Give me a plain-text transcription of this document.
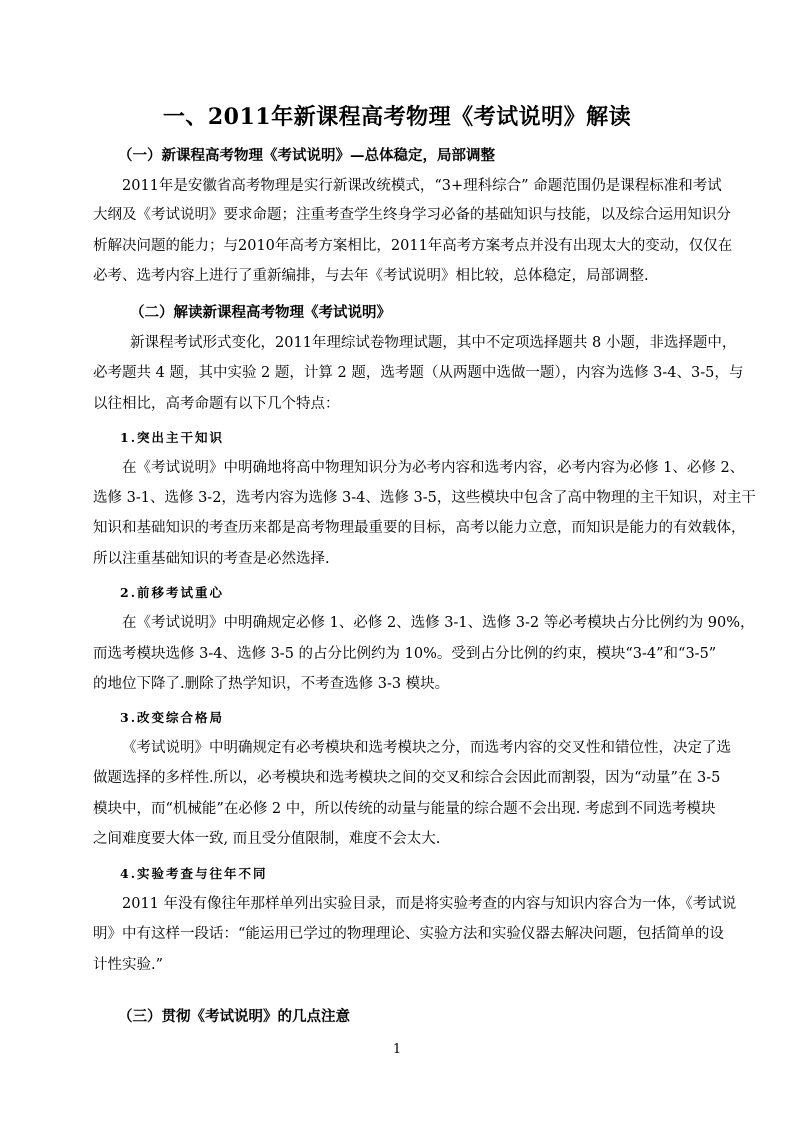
一、2011年新课程高考物理《考试说明》解读
（一）新课程高考物理《考试说明》—总体稳定，局部调整
2011年是安徽省高考物理是实行新课改统模式，“3+理科综合” 命题范围仍是课程标准和考试
大纲及《考试说明》要求命题；注重考查学生终身学习必备的基础知识与技能，以及综合运用知识分
析解决问题的能力；与2010年高考方案相比，2011年高考方案考点并没有出现太大的变动，仅仅在
必考、选考内容上进行了重新编排，与去年《考试说明》相比较，总体稳定，局部调整.
（二）解读新课程高考物理《考试说明》
新课程考试形式变化，2011年理综试卷物理试题，其中不定项选择题共 8 小题，非选择题中，
必考题共 4 题，其中实验 2 题，计算 2 题，选考题（从两题中选做一题），内容为选修 3-4、3-5，与
以往相比，高考命题有以下几个特点：
1.突出主干知识
在《考试说明》中明确地将高中物理知识分为必考内容和选考内容，必考内容为必修 1、必修 2、
选修 3-1、选修 3-2，选考内容为选修 3-4、选修 3-5，这些模块中包含了高中物理的主干知识，对主干
知识和基础知识的考查历来都是高考物理最重要的目标，高考以能力立意，而知识是能力的有效载体，
所以注重基础知识的考查是必然选择.
2.前移考试重心
在《考试说明》中明确规定必修 1、必修 2、选修 3-1、选修 3-2 等必考模块占分比例约为 90%，
而选考模块选修 3-4、选修 3-5 的占分比例约为 10%。受到占分比例的约束，模块“3-4”和“3-5”
的地位下降了.删除了热学知识，不考查选修 3-3 模块。
3.改变综合格局
《考试说明》中明确规定有必考模块和选考模块之分，而选考内容的交叉性和错位性，决定了选
做题选择的多样性.所以，必考模块和选考模块之间的交叉和综合会因此而割裂，因为“动量”在 3-5
模块中，而“机械能”在必修 2 中，所以传统的动量与能量的综合题不会出现. 考虑到不同选考模块
之间难度要大体一致, 而且受分值限制，难度不会太大.
4.实验考查与往年不同
2011 年没有像往年那样单列出实验目录，而是将实验考查的内容与知识内容合为一体，《考试说
明》中有这样一段话：“能运用已学过的物理理论、实验方法和实验仪器去解决问题，包括简单的设
计性实验.”
（三）贯彻《考试说明》的几点注意
1
